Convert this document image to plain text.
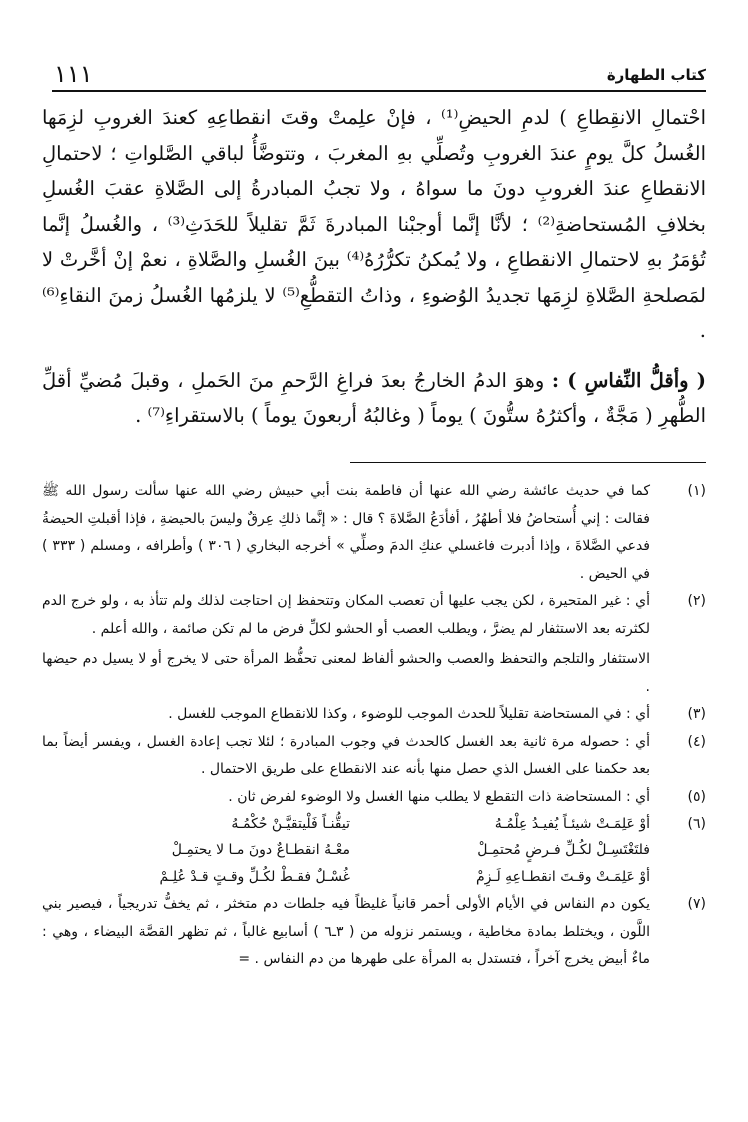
كتاب الطهارة
١١١

احْتمالِ الانقِطاعِ ) لدمِ الحيضِ⁽¹⁾ ، فإنْ علِمتْ وقتَ انقطاعِهِ كعندَ الغروبِ لزِمَها الغُسلُ كلَّ يومٍ عندَ الغروبِ وتُصلِّي بهِ المغربَ ، وتتوضَّأُ لباقي الصَّلواتِ ؛ لاحتمالِ الانقطاعِ عندَ الغروبِ دونَ ما سواهُ ، ولا تجبُ المبادرةُ إلى الصَّلاةِ عقبَ الغُسلِ بخلافِ المُستحاضةِ⁽²⁾ ؛ لأنَّا إنَّما أوجبْنا المبادرةَ ثَمَّ تقليلاً للحَدَثِ⁽³⁾ ، والغُسلُ إنَّما تُؤمَرُ بهِ لاحتمالِ الانقطاعِ ، ولا يُمكنُ تكرُّرُهُ⁽⁴⁾ بينَ الغُسلِ والصَّلاةِ ، نعمْ إنْ أخَّرتْ لا لمَصلحةِ الصَّلاةِ لزِمَها تجديدُ الوُضوءِ ، وذاتُ التقطُّعِ⁽⁵⁾ لا يلزمُها الغُسلُ زمنَ النقاءِ⁽⁶⁾ .

( وأقلُّ النِّفاسِ ) : وهوَ الدمُ الخارجُ بعدَ فراغِ الرَّحمِ منَ الحَملِ ، وقبلَ مُضيِّ أقلِّ الطُّهرِ ( مَجَّةٌ ، وأكثرُهُ ستُّونَ ) يوماً ( وغالبُهُ أربعونَ يوماً ) بالاستقراءِ⁽⁷⁾ .

(١)
كما في حديث عائشة رضي الله عنها أن فاطمة بنت أبي حبيش رضي الله عنها سألت رسول الله ﷺ فقالت : إني أُستحاضُ فلا أطهُرُ ، أفأدَعُ الصَّلاةَ ؟ قال : « إنَّما ذلكِ عِرقٌ وليسَ بالحيضةِ ، فإذا أقبلتِ الحيضةُ فدعي الصَّلاةَ ، وإذا أدبرت فاغسلي عنكِ الدمَ وصلِّي » أخرجه البخاري ( ٣٠٦ ) وأطرافه ، ومسلم ( ٣٣٣ ) في الحيض .
(٢)
أي : غير المتحيرة ، لكن يجب عليها أن تعصب المكان وتتحفظ إن احتاجت لذلك ولم تتأذ به ، ولو خرج الدم لكثرته بعد الاستثفار لم يضرَّ ، ويطلب العصب أو الحشو لكلِّ فرض ما لم تكن صائمة ، والله أعلم .
الاستثفار والتلجم والتحفظ والعصب والحشو ألفاظ لمعنى تحفُّظ المرأة حتى لا يخرج أو لا يسيل دم حيضها .
(٣)
أي : في المستحاضة تقليلاً للحدث الموجب للوضوء ، وكذا للانقطاع الموجب للغسل .
(٤)
أي : حصوله مرة ثانية بعد الغسل كالحدث في وجوب المبادرة ؛ لئلا تجب إعادة الغسل ، ويفسر أيضاً بما بعد حكمنا على الغسل الذي حصل منها بأنه عند الانقطاع على طريق الاحتمال .
(٥)
أي : المستحاضة ذات التقطع لا يطلب منها الغسل ولا الوضوء لفرض ثان .
(٦)
أوْ عَلِمَـتْ شيئـاً يُفيـدُ عِلْمُـهُ
تيقُّنـاً فَلْيتقيَّـنْ حُكْمُـهُ
فلتَغْتَسِـلْ لكُـلِّ فـرضٍ مُحتمِـلْ
معْـهُ انقطـاعٌ دونَ مـا لا يحتمِـلْ
أوْ عَلِمَـتْ وقـتَ انقطـاعِهِ لَـزِمْ
غُسْـلٌ فقـطْ لكُـلِّ وقـتٍ قـدْ عُلِـمْ
(٧)
يكون دم النفاس في الأيام الأولى أحمر قانياً غليظاً فيه جلطات دم متخثر ، ثم يخفُّ تدريجياً ، فيصير بني اللَّون ، ويختلط بمادة مخاطية ، ويستمر نزوله من ( ٣ـ٦ ) أسابيع غالباً ، ثم تظهر القصَّة البيضاء ، وهي : ماءٌ أبيض يخرج آخراً ، فتستدل به المرأة على طهرها من دم النفاس . =
